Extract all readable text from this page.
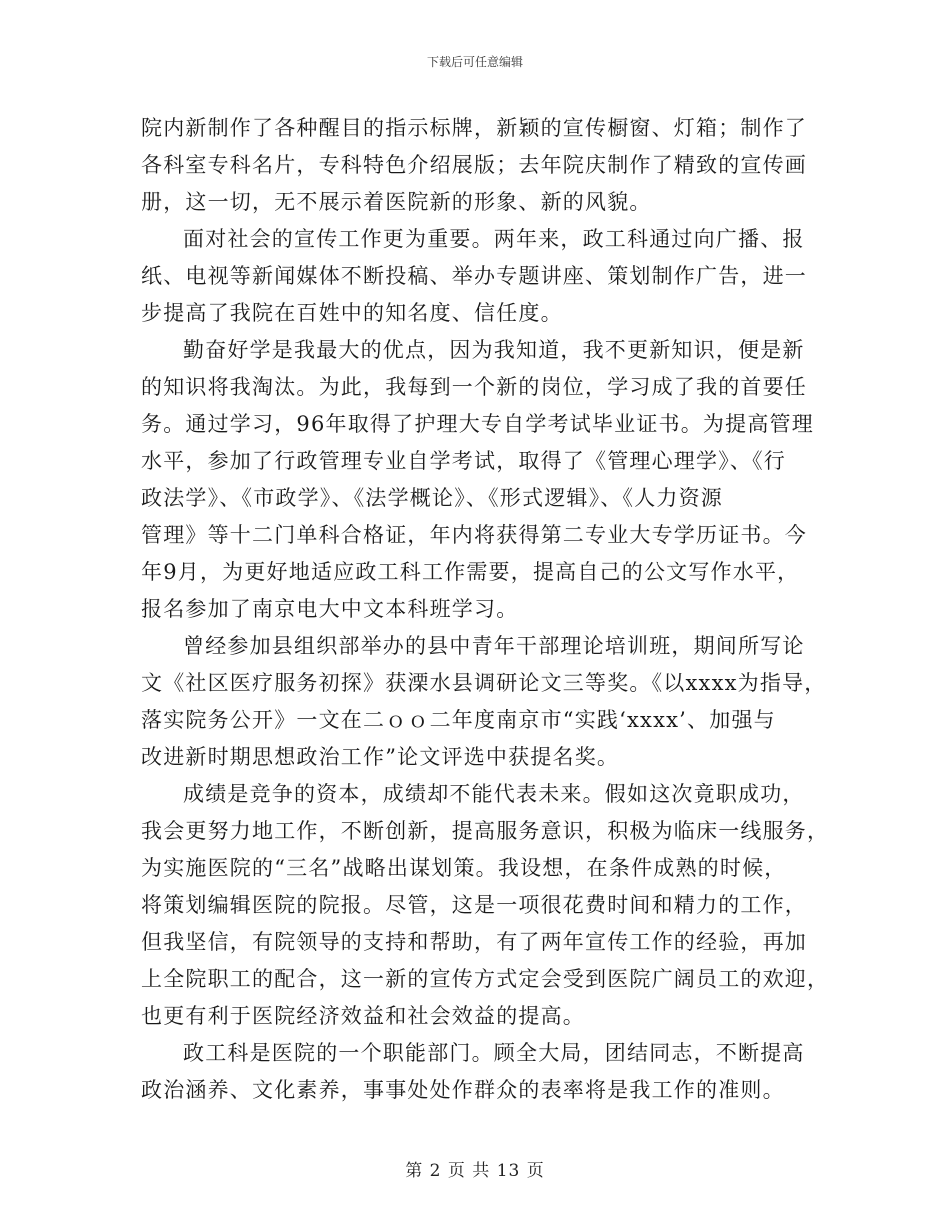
下载后可任意编辑
院内新制作了各种醒目的指示标牌，新颖的宣传橱窗、灯箱；制作了
各科室专科名片，专科特色介绍展版；去年院庆制作了精致的宣传画
册，这一切，无不展示着医院新的形象、新的风貌。
面对社会的宣传工作更为重要。两年来，政工科通过向广播、报
纸、电视等新闻媒体不断投稿、举办专题讲座、策划制作广告，进一
步提高了我院在百姓中的知名度、信任度。
勤奋好学是我最大的优点，因为我知道，我不更新知识，便是新
的知识将我淘汰。为此，我每到一个新的岗位，学习成了我的首要任
务。通过学习，96年取得了护理大专自学考试毕业证书。为提高管理
水平，参加了行政管理专业自学考试，取得了《管理心理学》、《行
政法学》、《市政学》、《法学概论》、《形式逻辑》、《人力资源
管理》等十二门单科合格证，年内将获得第二专业大专学历证书。今
年9月，为更好地适应政工科工作需要，提高自己的公文写作水平，
报名参加了南京电大中文本科班学习。
曾经参加县组织部举办的县中青年干部理论培训班，期间所写论
文《社区医疗服务初探》获溧水县调研论文三等奖。《以xxxx为指导，
落实院务公开》一文在二ｏｏ二年度南京市“实践‘xxxx’、加强与
改进新时期思想政治工作”论文评选中获提名奖。
成绩是竞争的资本，成绩却不能代表未来。假如这次竟职成功，
我会更努力地工作，不断创新，提高服务意识，积极为临床一线服务，
为实施医院的“三名”战略出谋划策。我设想，在条件成熟的时候，
将策划编辑医院的院报。尽管，这是一项很花费时间和精力的工作，
但我坚信，有院领导的支持和帮助，有了两年宣传工作的经验，再加
上全院职工的配合，这一新的宣传方式定会受到医院广阔员工的欢迎，
也更有利于医院经济效益和社会效益的提高。
政工科是医院的一个职能部门。顾全大局，团结同志，不断提高
政治涵养、文化素养，事事处处作群众的表率将是我工作的准则。
第 2 页 共 13 页
